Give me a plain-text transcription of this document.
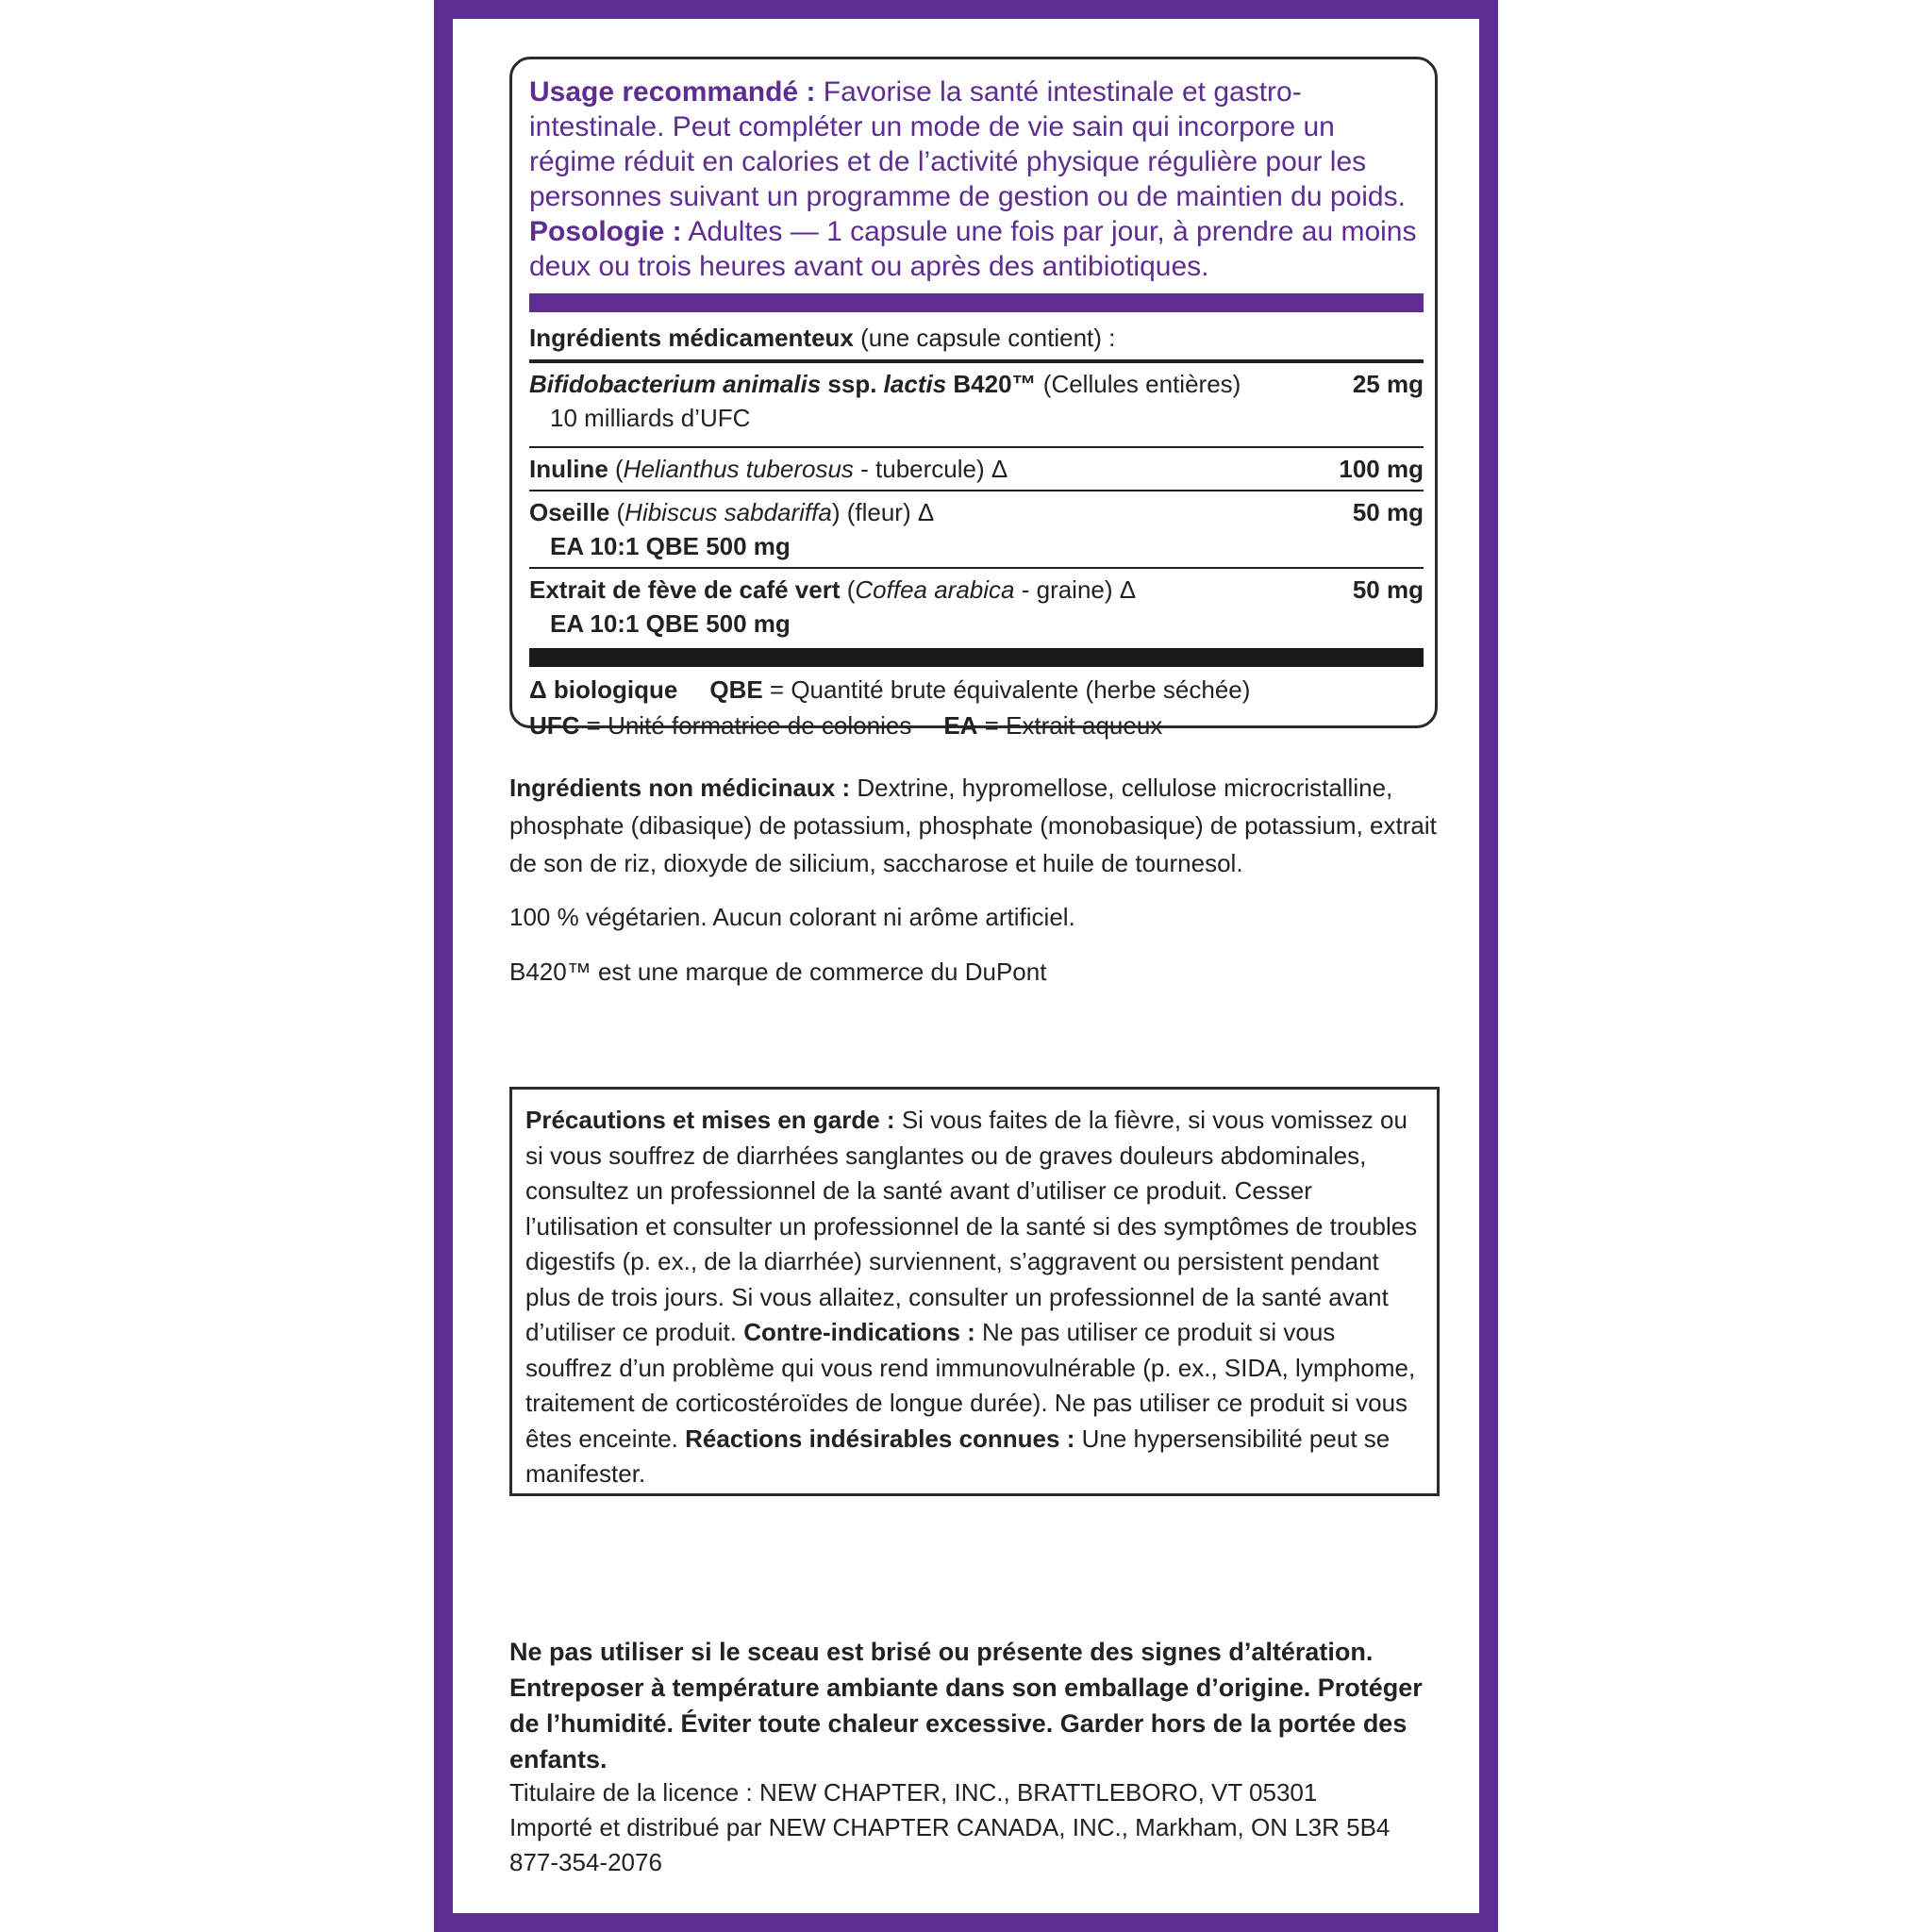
Usage recommandé : Favorise la santé intestinale et gastro-intestinale. Peut compléter un mode de vie sain qui incorpore un régime réduit en calories et de l’activité physique régulière pour les personnes suivant un programme de gestion ou de maintien du poids.
Posologie : Adultes — 1 capsule une fois par jour, à prendre au moins deux ou trois heures avant ou après des antibiotiques.
Ingrédients médicamenteux (une capsule contient) :
Bifidobacterium animalis ssp. lactis B420™ (Cellules entières)	25 mg
10 milliards d’UFC
Inuline (Helianthus tuberosus - tubercule) Δ	100 mg
Oseille (Hibiscus sabdariffa) (fleur) Δ	50 mg
EA 10:1 QBE 500 mg
Extrait de fève de café vert (Coffea arabica - graine) Δ	50 mg
EA 10:1 QBE 500 mg
Δ biologique QBE = Quantité brute équivalente (herbe séchée)
UFC = Unité formatrice de colonies EA = Extrait aqueux
Ingrédients non médicinaux : Dextrine, hypromellose, cellulose microcristalline, phosphate (dibasique) de potassium, phosphate (monobasique) de potassium, extrait de son de riz, dioxyde de silicium, saccharose et huile de tournesol.
100 % végétarien. Aucun colorant ni arôme artificiel.
B420™ est une marque de commerce du DuPont
Précautions et mises en garde : Si vous faites de la fièvre, si vous vomissez ou si vous souffrez de diarrhées sanglantes ou de graves douleurs abdominales, consultez un professionnel de la santé avant d’utiliser ce produit. Cesser l’utilisation et consulter un professionnel de la santé si des symptômes de troubles digestifs (p. ex., de la diarrhée) surviennent, s’aggravent ou persistent pendant plus de trois jours. Si vous allaitez, consulter un professionnel de la santé avant d’utiliser ce produit. Contre-indications : Ne pas utiliser ce produit si vous souffrez d’un problème qui vous rend immunovulnérable (p. ex., SIDA, lymphome, traitement de corticostéroïdes de longue durée). Ne pas utiliser ce produit si vous êtes enceinte. Réactions indésirables connues : Une hypersensibilité peut se manifester.
Ne pas utiliser si le sceau est brisé ou présente des signes d’altération.
Entreposer à température ambiante dans son emballage d’origine. Protéger de l’humidité. Éviter toute chaleur excessive. Garder hors de la portée des enfants.
Titulaire de la licence : NEW CHAPTER, INC., BRATTLEBORO, VT 05301
Importé et distribué par NEW CHAPTER CANADA, INC., Markham, ON L3R 5B4
877-354-2076
